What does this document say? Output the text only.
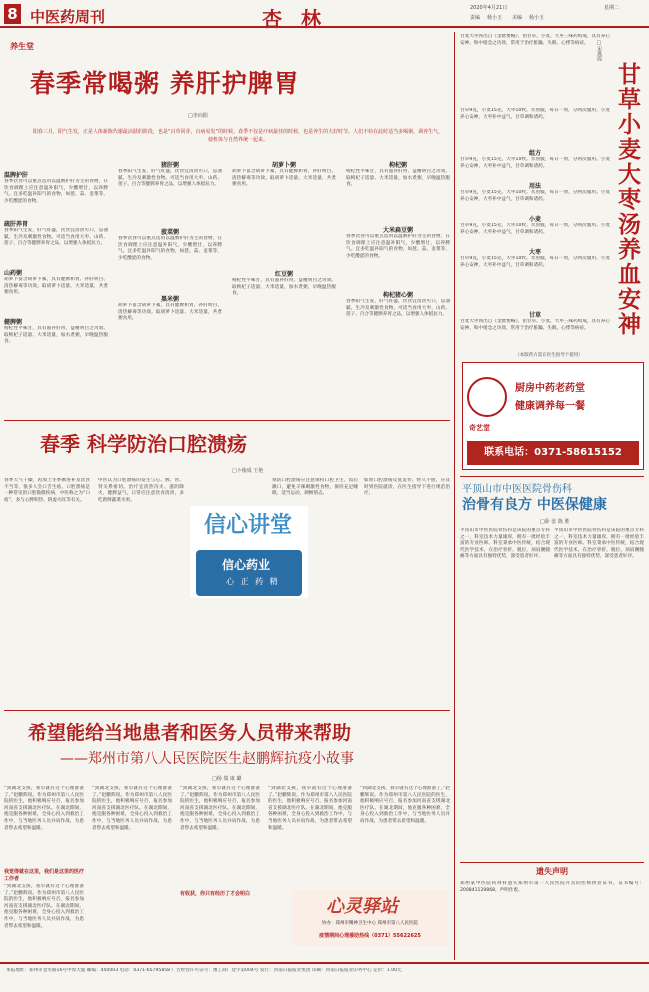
8 中医药周刊	杏 林	2020年4月21日	星期二
责编 杨小玉 美编 杨小玉
养生堂
春季常喝粥 养肝护脾胃
□李向阳
阳春三月，阳气生发，正是人体新陈代谢最活跃的阶段，也是“百草回芽，百病易发”的时候。春季不仅是疗病最佳的时候，也是养生的大好时节。人们不妨在此时适当多喝粥，调养生气，使机体与自然界统一起来。
温脾护肝
春季饮食可以重点选用以温脾护肝为主的食物，在饮食调理上应注意温补阳气，少酸增甘，以养脾气。宜多吃温补阳气的食物，如葱、蒜、韭菜等，少吃酸涩的食物。
疏肝养胃
春季阳气生发，肝气旺盛，饮食宜清淡可口，忌油腻、生冷及刺激性食物。可适当食用大枣、山药、莲子、百合等健脾养胃之品，以增强人体抵抗力。
山药粥
胡萝卜富含胡萝卜素，具有健脾和胃、补肝明目、清热解毒等功效。取胡萝卜适量、大米适量，共煮粥食用。
健脾粥
枸杞性平味甘，具有滋补肝肾、益精明目之功效。取枸杞子适量、大米适量，加水煮粥，早晚温热服食。
猪肝粥
春季阳气生发，肝气旺盛，饮食宜清淡可口，忌油腻、生冷及刺激性食物。可适当食用大枣、山药、莲子、百合等健脾养胃之品，以增强人体抵抗力。
菠菜粥
春季饮食可以重点选用以温脾护肝为主的食物，在饮食调理上应注意温补阳气，少酸增甘，以养脾气。宜多吃温补阳气的食物，如葱、蒜、韭菜等，少吃酸涩的食物。
黑米粥
胡萝卜富含胡萝卜素，具有健脾和胃、补肝明目、清热解毒等功效。取胡萝卜适量、大米适量，共煮粥食用。
胡萝卜粥
胡萝卜富含胡萝卜素，具有健脾和胃、补肝明目、清热解毒等功效。取胡萝卜适量、大米适量，共煮粥食用。
红豆粥
枸杞性平味甘，具有滋补肝肾、益精明目之功效。取枸杞子适量、大米适量，加水煮粥，早晚温热服食。
枸杞粥
枸杞性平味甘，具有滋补肝肾、益精明目之功效。取枸杞子适量、大米适量，加水煮粥，早晚温热服食。
大米扁豆粥
春季饮食可以重点选用以温脾护肝为主的食物，在饮食调理上应注意温补阳气，少酸增甘，以养脾气。宜多吃温补阳气的食物，如葱、蒜、韭菜等，少吃酸涩的食物。
枸杞猪心粥
春季阳气生发，肝气旺盛，饮食宜清淡可口，忌油腻、生冷及刺激性食物。可适当食用大枣、山药、莲子、百合等健脾养胃之品，以增强人体抵抗力。
春季 科学防治口腔溃疡
□卜俊成 王艳
春季天气干燥，再加上冬季刚进补及饮食不当等，很多人会口舌生疮。口腔溃疡是一种常见的口腔黏膜疾病，中医称之为“口疮”，多与心脾积热、阴虚火旺等有关。
中医认为口腔溃疡的发生与心、脾、胃、肾关系密切。治疗宜清热泻火、滋阴降火、健脾益气。日常应注意饮食清淡，多吃新鲜蔬菜水果。
预防口腔溃疡应注意保持口腔卫生，饭后漱口，避免辛辣刺激性食物，保持充足睡眠，适当运动，调畅情志。
如果口腔溃疡反复发作、经久不愈，应及时到医院就诊，在医生指导下进行规范治疗。
信心讲堂
信心药业
心 正 药 精
希望能给当地患者和医务人员带来帮助
——郑州市第八人民医院医生赵鹏辉抗疫小故事
□杨 瑞 康 璐
“到湖北支援，我早就有这个心理准备了。”赵鹏辉说。作为郑州市第八人民医院的医生，他积极响应号召，报名参加河南省支援湖北医疗队。在湖北期间，他克服各种困难，全身心投入到救治工作中，与当地医务人员并肩作战，为患者带去希望和温暖。
我觉得就在这里，我们是这里的医疗工作者
“到湖北支援，我早就有这个心理准备了。”赵鹏辉说。作为郑州市第八人民医院的医生，他积极响应号召，报名参加河南省支援湖北医疗队。在湖北期间，他克服各种困难，全身心投入到救治工作中，与当地医务人员并肩作战，为患者带去希望和温暖。
“到湖北支援，我早就有这个心理准备了。”赵鹏辉说。作为郑州市第八人民医院的医生，他积极响应号召，报名参加河南省支援湖北医疗队。在湖北期间，他克服各种困难，全身心投入到救治工作中，与当地医务人员并肩作战，为患者带去希望和温暖。
“到湖北支援，我早就有这个心理准备了。”赵鹏辉说。作为郑州市第八人民医院的医生，他积极响应号召，报名参加河南省支援湖北医疗队。在湖北期间，他克服各种困难，全身心投入到救治工作中，与当地医务人员并肩作战，为患者带去希望和温暖。
有收获，你只有经历了才会明白
“到湖北支援，我早就有这个心理准备了。”赵鹏辉说。作为郑州市第八人民医院的医生，他积极响应号召，报名参加河南省支援湖北医疗队。在湖北期间，他克服各种困难，全身心投入到救治工作中，与当地医务人员并肩作战，为患者带去希望和温暖。
“到湖北支援，我早就有这个心理准备了。”赵鹏辉说。作为郑州市第八人民医院的医生，他积极响应号召，报名参加河南省支援湖北医疗队。在湖北期间，他克服各种困难，全身心投入到救治工作中，与当地医务人员并肩作战，为患者带去希望和温暖。
心灵驿站
协办：郑州市精神卫生中心 郑州市第八人民医院
疫情期间心理援助热线（0371）55622625
甘麦大枣汤出自《金匮要略》，由甘草、小麦、大枣三味药组成，具有养心安神、和中缓急之功效，常用于治疗脏躁、失眠、心悸等病症。
甘草小麦大枣汤养血安神
□宋燕霞
甘草9克，小麦15克，大枣10枚。水煎服，每日一剂，分两次服用。小麦养心安神，大枣补中益气，甘草调和诸药。
组方
甘草9克，小麦15克，大枣10枚。水煎服，每日一剂，分两次服用。小麦养心安神，大枣补中益气，甘草调和诸药。
用法
甘草9克，小麦15克，大枣10枚。水煎服，每日一剂，分两次服用。小麦养心安神，大枣补中益气，甘草调和诸药。
小麦
甘草9克，小麦15克，大枣10枚。水煎服，每日一剂，分两次服用。小麦养心安神，大枣补中益气，甘草调和诸药。
大枣
甘草9克，小麦15克，大枣10枚。水煎服，每日一剂，分两次服用。小麦养心安神，大枣补中益气，甘草调和诸药。
甘草
甘麦大枣汤出自《金匮要略》，由甘草、小麦、大枣三味药组成，具有养心安神、和中缓急之功效，常用于治疗脏躁、失眠、心悸等病症。
（本版药方需在医生指导下使用）
奇艺堂
厨房中药老药堂
健康调养每一餐
联系电话：0371-58615152
平顶山市中医医院骨伤科
治骨有良方 中医保健康
□卧 张 陈 胜
平顶山市中医医院骨伤科是该院的重点专科之一，科室技术力量雄厚，拥有一批经验丰富的专业医师。科室秉承中医传统，结合现代医学技术，在治疗骨折、脱位、颈肩腰腿痛等方面具有独特优势，深受患者好评。
平顶山市中医医院骨伤科是该院的重点专科之一，科室技术力量雄厚，拥有一批经验丰富的专业医师。科室秉承中医传统，结合现代医学技术，在治疗骨折、脱位、颈肩腰腿痛等方面具有独特优势，深受患者好评。
遗失声明
郑州某中医院药剂科遗失郑州市第一人民医院开具的医师执业证书，证书编号：200841120868，声明作废。
本报地址：郑州市金水路16号中原大厦 邮编：450003 电话：0371-65795858 广告经营许可证号：豫工商广登字第004号 发行：河南日报报业集团 印刷：河南日报报业印务中心 定价：1.00元
